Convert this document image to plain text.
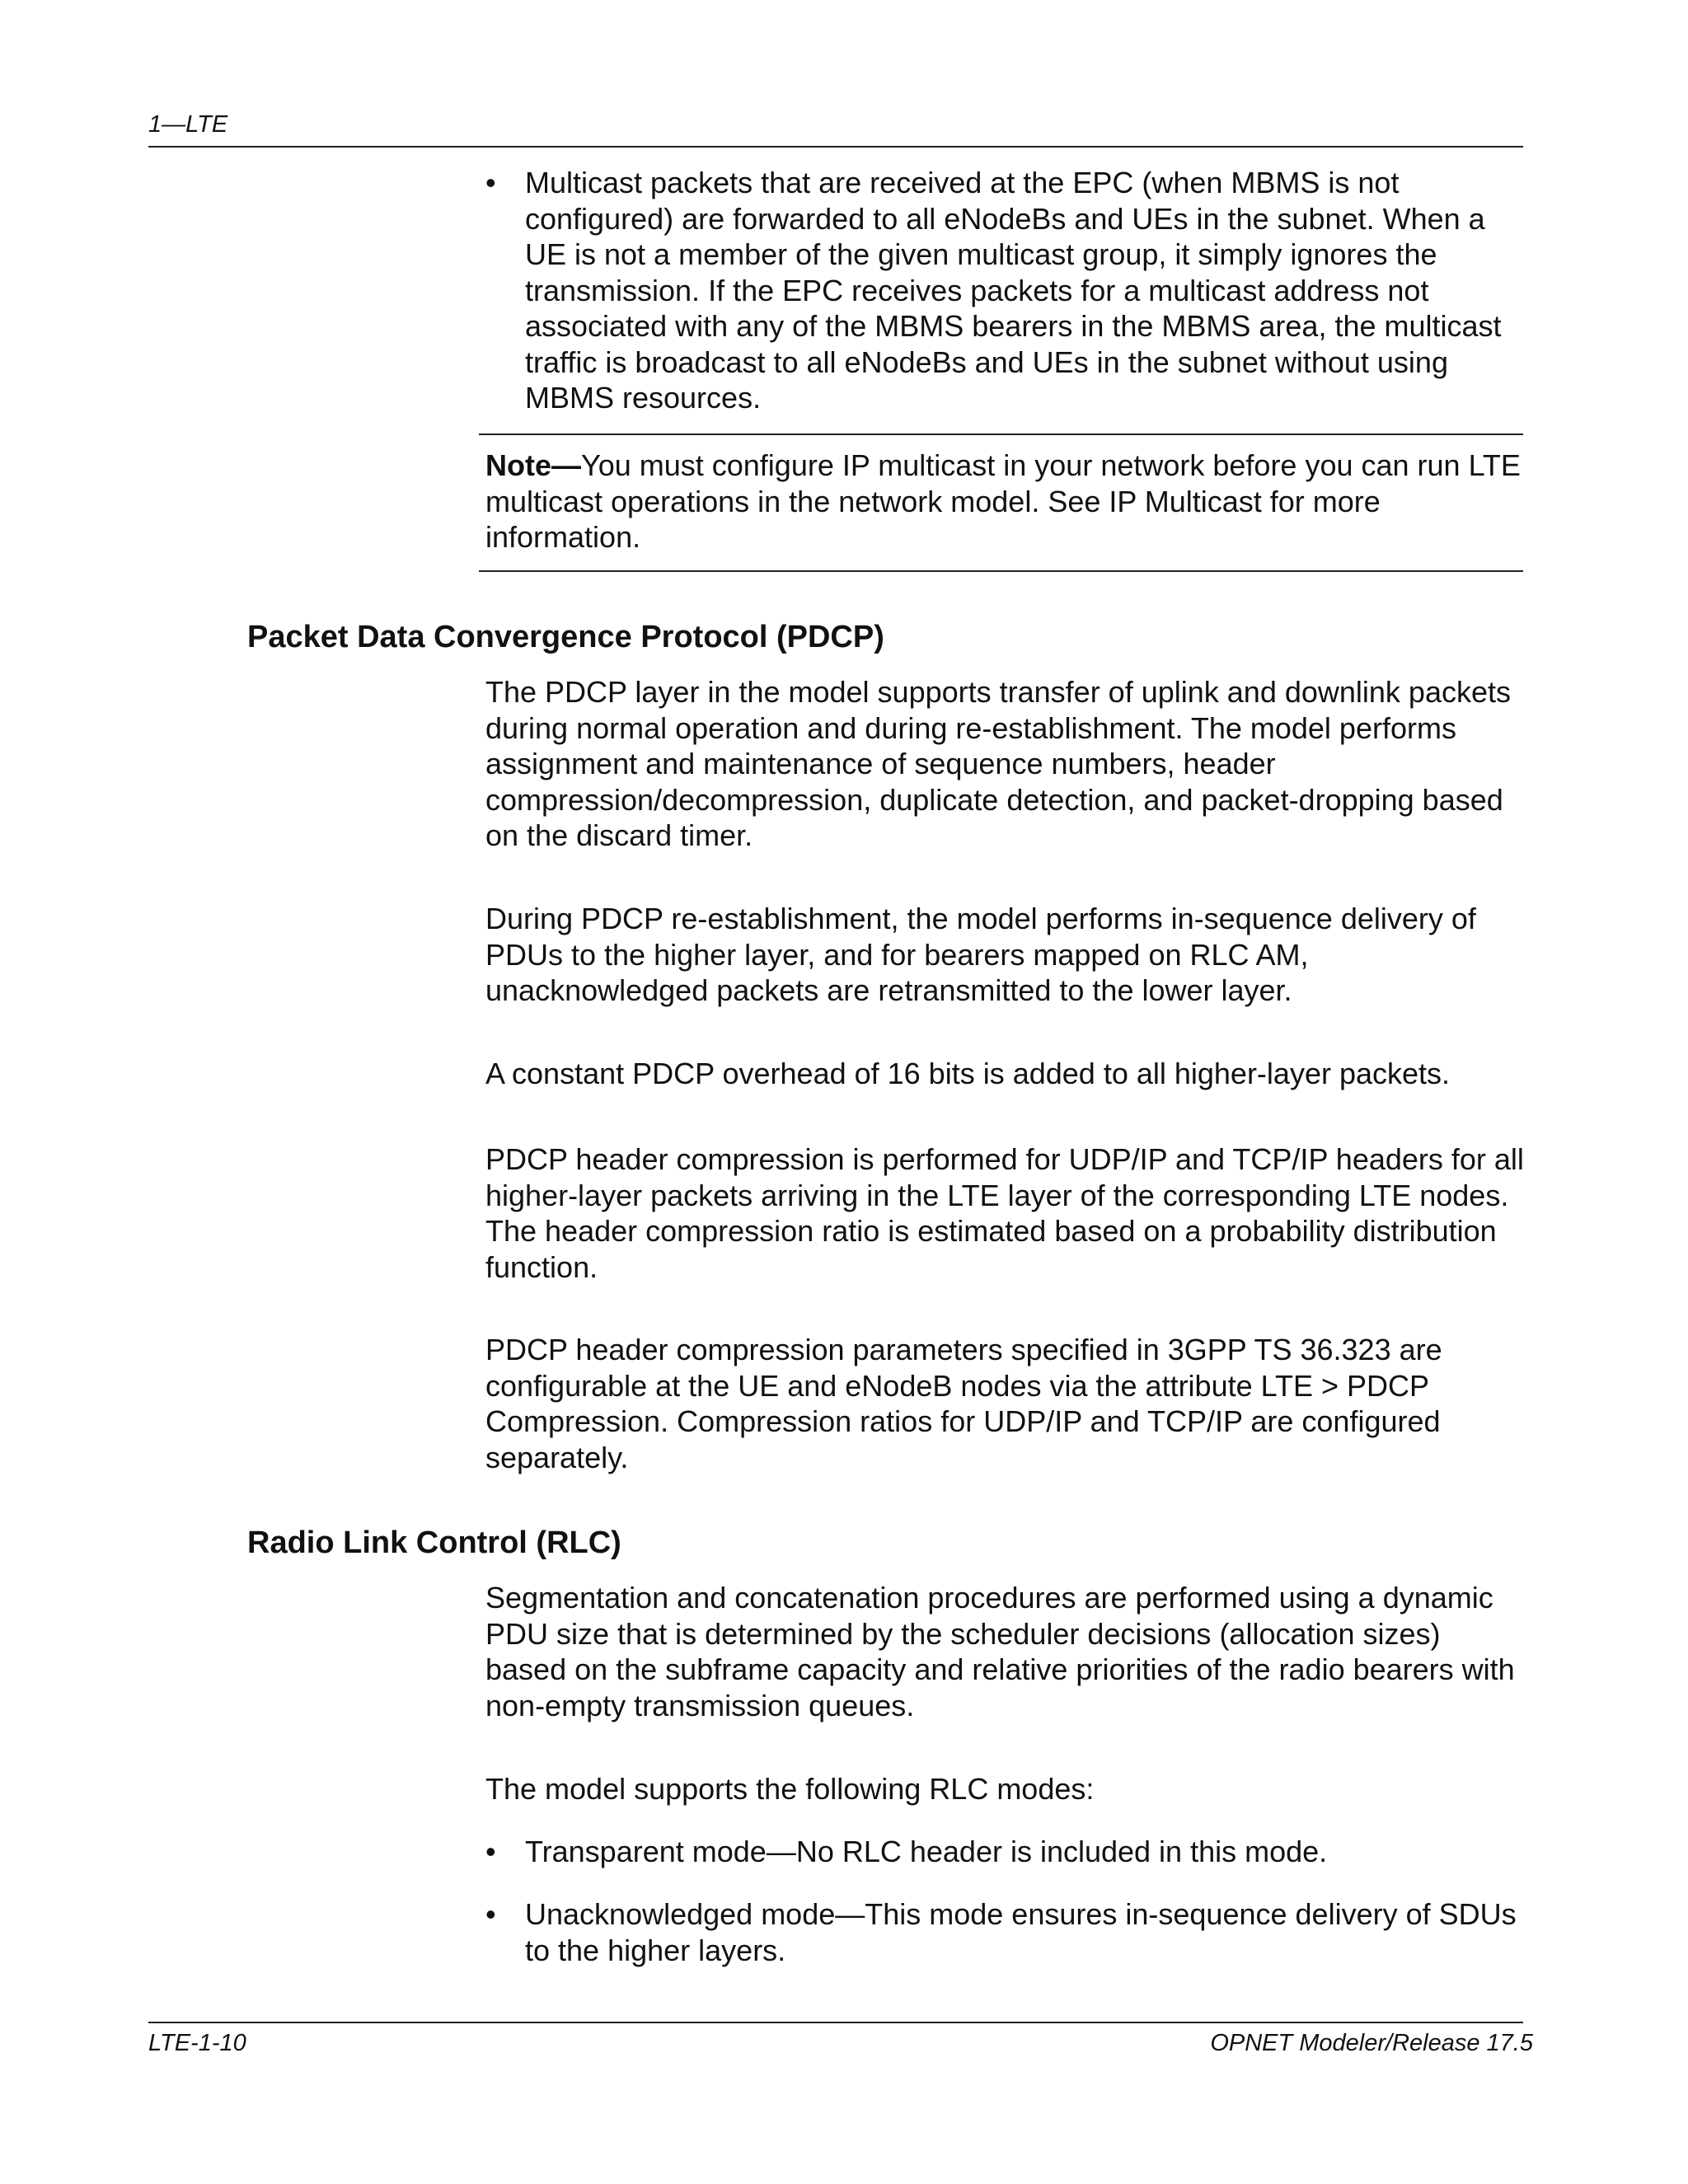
1—LTE
• Multicast packets that are received at the EPC (when MBMS is not configured) are forwarded to all eNodeBs and UEs in the subnet. When a UE is not a member of the given multicast group, it simply ignores the transmission. If the EPC receives packets for a multicast address not associated with any of the MBMS bearers in the MBMS area, the multicast traffic is broadcast to all eNodeBs and UEs in the subnet without using MBMS resources.

Note—You must configure IP multicast in your network before you can run LTE multicast operations in the network model. See IP Multicast for more information.

Packet Data Convergence Protocol (PDCP)

The PDCP layer in the model supports transfer of uplink and downlink packets during normal operation and during re-establishment. The model performs assignment and maintenance of sequence numbers, header compression/decompression, duplicate detection, and packet-dropping based on the discard timer.

During PDCP re-establishment, the model performs in-sequence delivery of PDUs to the higher layer, and for bearers mapped on RLC AM, unacknowledged packets are retransmitted to the lower layer.

A constant PDCP overhead of 16 bits is added to all higher-layer packets.

PDCP header compression is performed for UDP/IP and TCP/IP headers for all higher-layer packets arriving in the LTE layer of the corresponding LTE nodes. The header compression ratio is estimated based on a probability distribution function.

PDCP header compression parameters specified in 3GPP TS 36.323 are configurable at the UE and eNodeB nodes via the attribute LTE > PDCP Compression. Compression ratios for UDP/IP and TCP/IP are configured separately.

Radio Link Control (RLC)

Segmentation and concatenation procedures are performed using a dynamic PDU size that is determined by the scheduler decisions (allocation sizes) based on the subframe capacity and relative priorities of the radio bearers with non-empty transmission queues.

The model supports the following RLC modes:

• Transparent mode—No RLC header is included in this mode.

• Unacknowledged mode—This mode ensures in-sequence delivery of SDUs to the higher layers.

LTE-1-10	OPNET Modeler/Release 17.5
